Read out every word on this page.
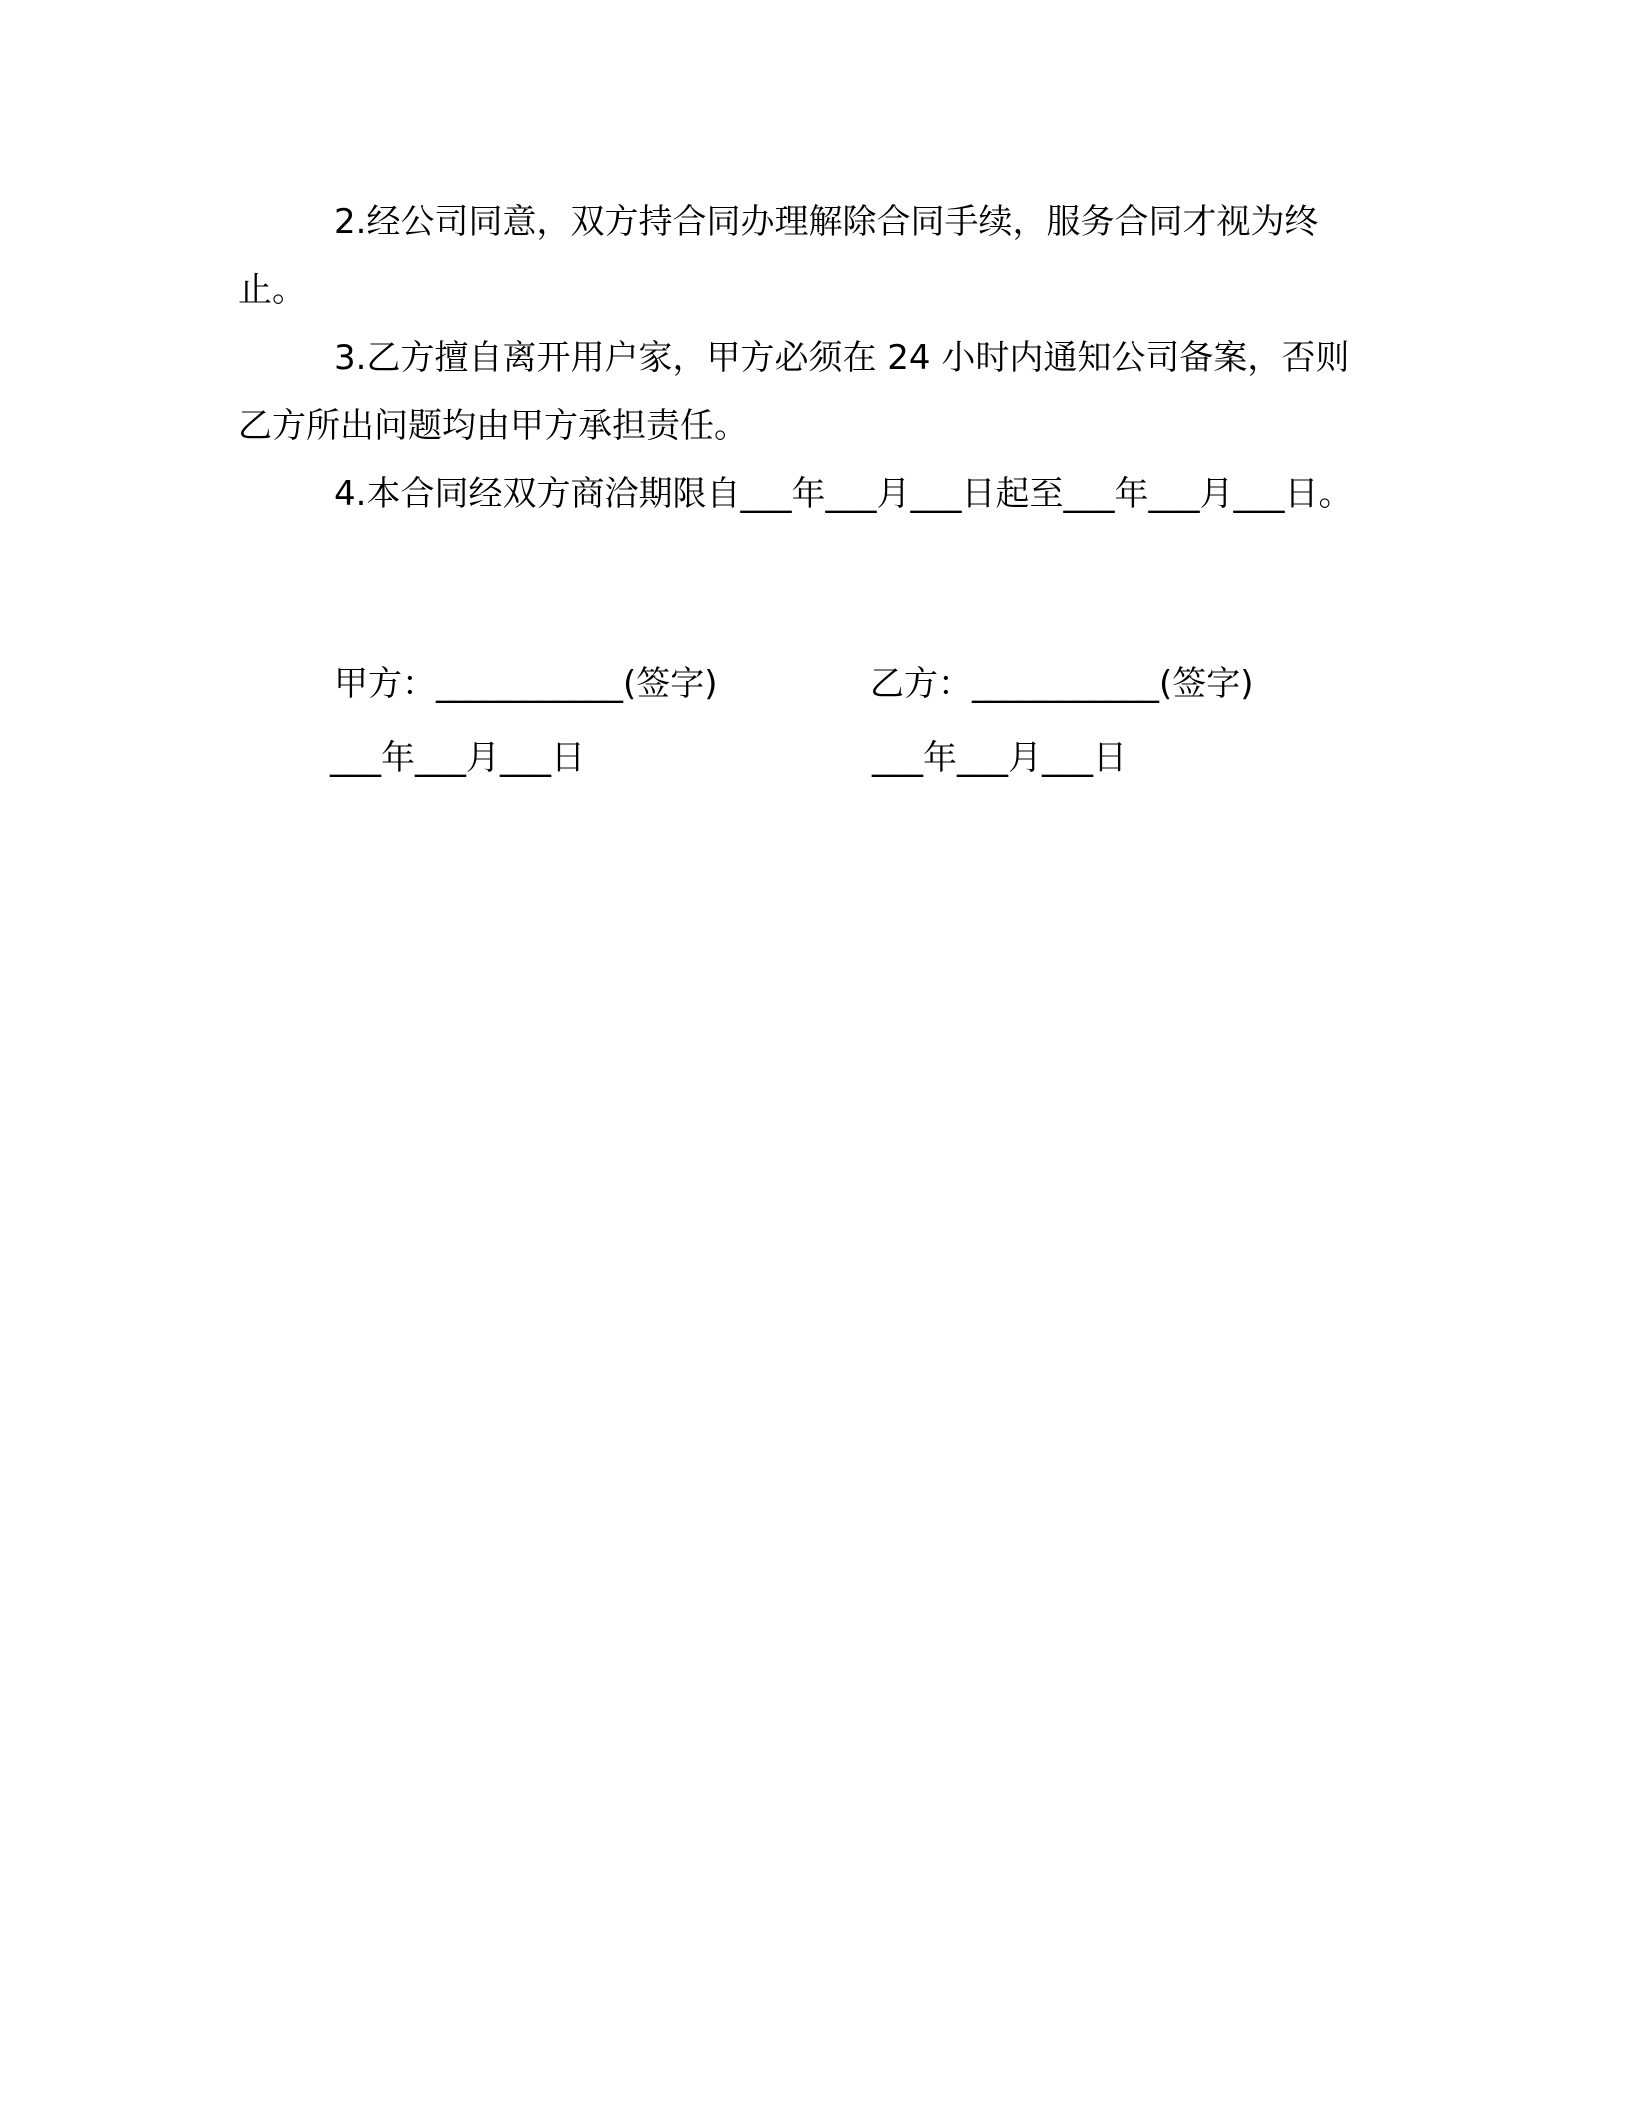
2.经公司同意，双方持合同办理解除合同手续，服务合同才视为终止。

3.乙方擅自离开用户家，甲方必须在 24 小时内通知公司备案，否则乙方所出问题均由甲方承担责任。

4.本合同经双方商洽期限自___年___月___日起至___年___月___日。

甲方：___________(签字)	乙方：___________(签字)
___年___月___日	___年___月___日
